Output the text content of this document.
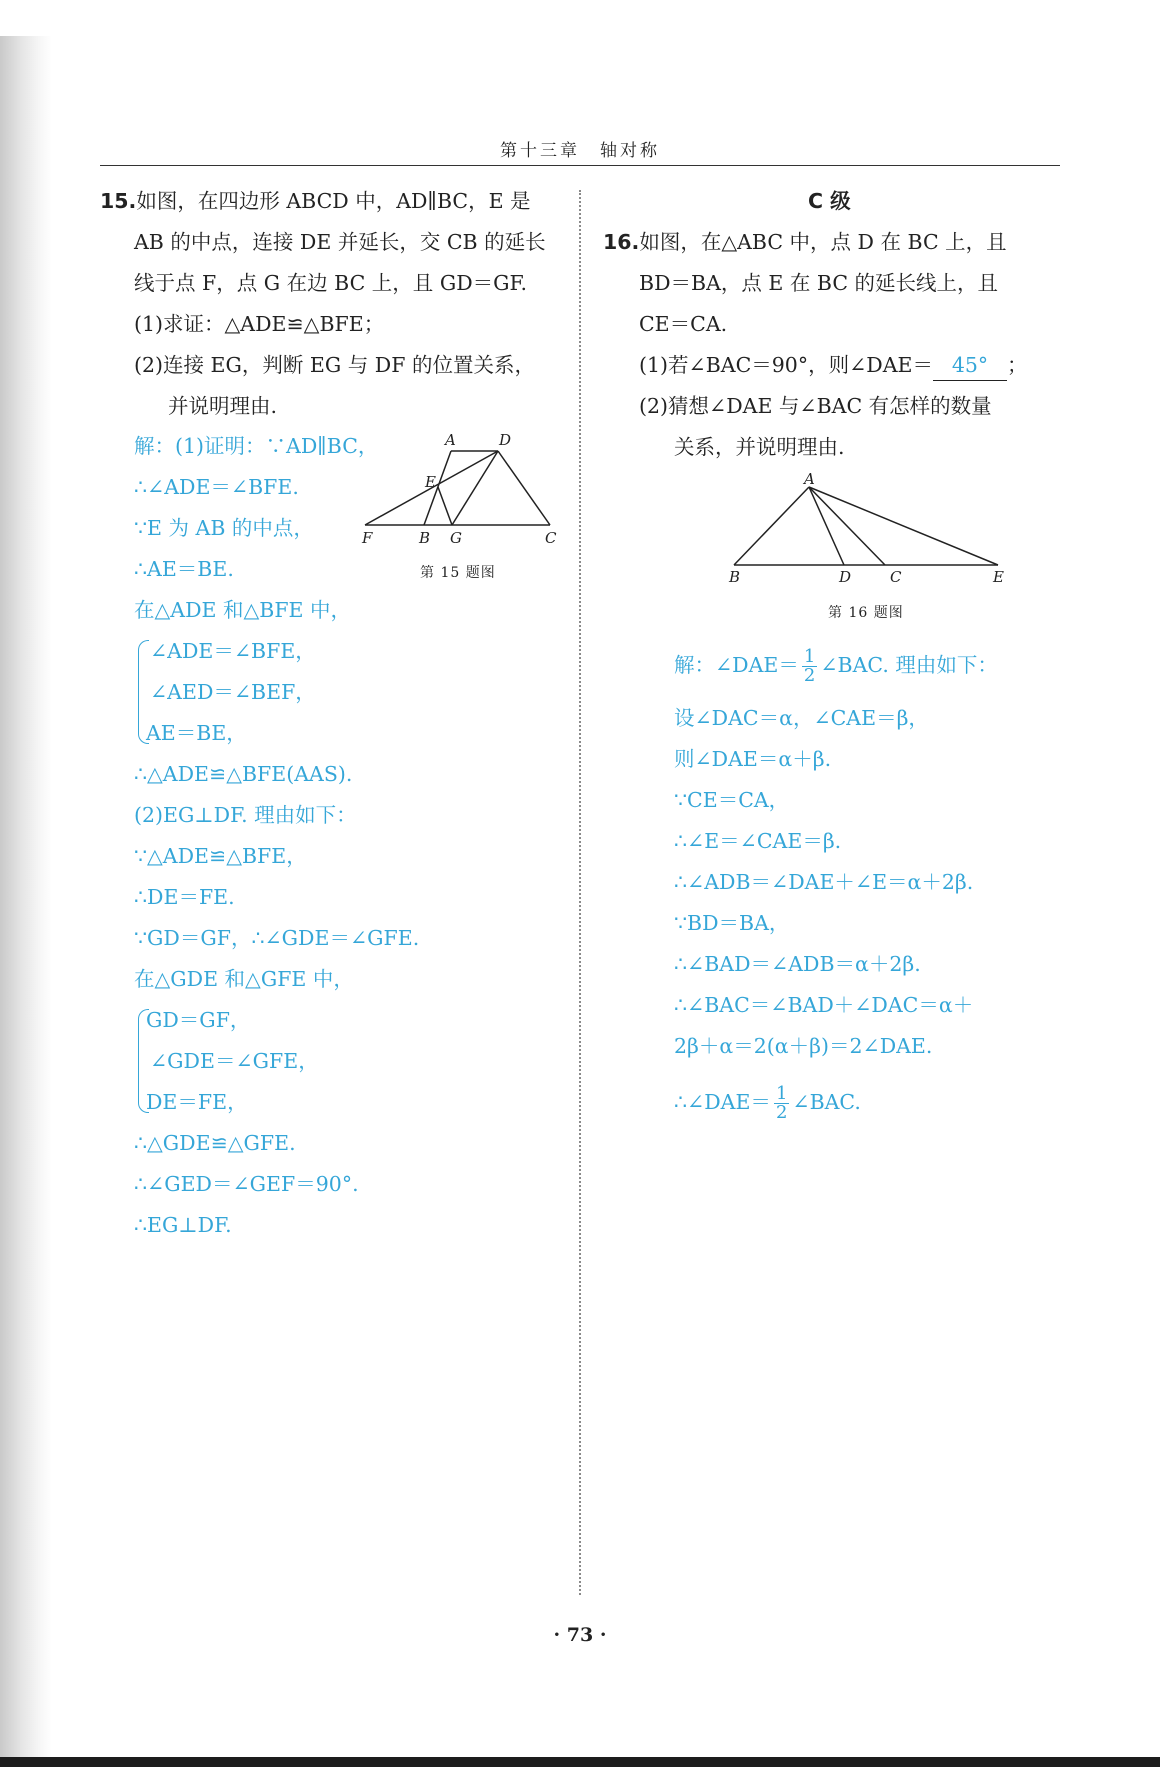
第十三章　轴对称
15.如图，在四边形 ABCD 中，AD∥BC，E 是
AB 的中点，连接 DE 并延长，交 CB 的延长
线于点 F，点 G 在边 BC 上，且 GD＝GF.
(1)求证：△ADE≌△BFE；
(2)连接 EG，判断 EG 与 DF 的位置关系，
并说明理由.
A	D
E
F	B G	C
第 15 题图
解：(1)证明：∵AD∥BC，
∴∠ADE＝∠BFE.
∵E 为 AB 的中点，
∴AE＝BE.
在△ADE 和△BFE 中，
∠ADE＝∠BFE，
∠AED＝∠BEF，
AE＝BE，
∴△ADE≌△BFE(AAS).
(2)EG⊥DF. 理由如下：
∵△ADE≌△BFE，
∴DE＝FE.
∵GD＝GF，∴∠GDE＝∠GFE.
在△GDE 和△GFE 中，
GD＝GF，
∠GDE＝∠GFE，
DE＝FE，
∴△GDE≌△GFE.
∴∠GED＝∠GEF＝90°.
∴EG⊥DF.
C 级
16.如图，在△ABC 中，点 D 在 BC 上，且
BD＝BA，点 E 在 BC 的延长线上，且
CE＝CA.
(1)若∠BAC＝90°，则∠DAE＝ 45° ；
(2)猜想∠DAE 与∠BAC 有怎样的数量
关系，并说明理由.
A
B	D	C	E
第 16 题图
解：∠DAE＝ $\frac{1}{2}$ ∠BAC. 理由如下：
设∠DAC＝α，∠CAE＝β，
则∠DAE＝α＋β.
∵CE＝CA，
∴∠E＝∠CAE＝β.
∴∠ADB＝∠DAE＋∠E＝α＋2β.
∵BD＝BA，
∴∠BAD＝∠ADB＝α＋2β.
∴∠BAC＝∠BAD＋∠DAC＝α＋
2β＋α＝2(α＋β)＝2∠DAE.
∴∠DAE＝ $\frac{1}{2}$ ∠BAC.
· 73 ·
